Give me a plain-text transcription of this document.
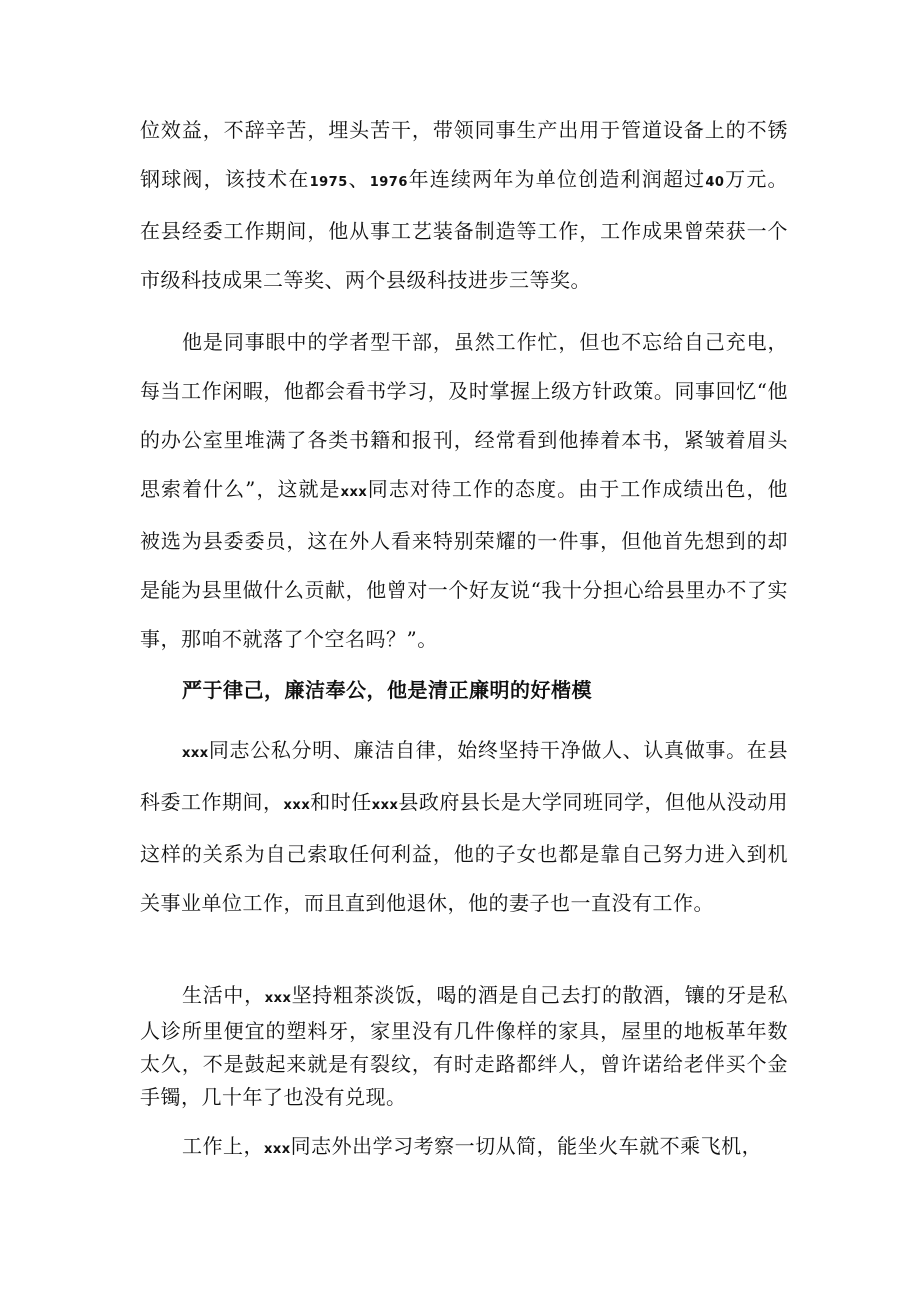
位效益，不辞辛苦，埋头苦干，带领同事生产出用于管道设备上的不锈钢球阀，该技术在1975、1976年连续两年为单位创造利润超过40万元。在县经委工作期间，他从事工艺装备制造等工作，工作成果曾荣获一个市级科技成果二等奖、两个县级科技进步三等奖。

他是同事眼中的学者型干部，虽然工作忙，但也不忘给自己充电，每当工作闲暇，他都会看书学习，及时掌握上级方针政策。同事回忆“他的办公室里堆满了各类书籍和报刊，经常看到他捧着本书，紧皱着眉头思索着什么”，这就是xxx同志对待工作的态度。由于工作成绩出色，他被选为县委委员，这在外人看来特别荣耀的一件事，但他首先想到的却是能为县里做什么贡献，他曾对一个好友说“我十分担心给县里办不了实事，那咱不就落了个空名吗？”。

严于律己，廉洁奉公，他是清正廉明的好楷模

xxx同志公私分明、廉洁自律，始终坚持干净做人、认真做事。在县科委工作期间，xxx和时任xxx县政府县长是大学同班同学，但他从没动用这样的关系为自己索取任何利益，他的子女也都是靠自己努力进入到机关事业单位工作，而且直到他退休，他的妻子也一直没有工作。

生活中，xxx坚持粗茶淡饭，喝的酒是自己去打的散酒，镶的牙是私人诊所里便宜的塑料牙，家里没有几件像样的家具，屋里的地板革年数太久，不是鼓起来就是有裂纹，有时走路都绊人，曾许诺给老伴买个金手镯，几十年了也没有兑现。

工作上，xxx同志外出学习考察一切从简，能坐火车就不乘飞机，
